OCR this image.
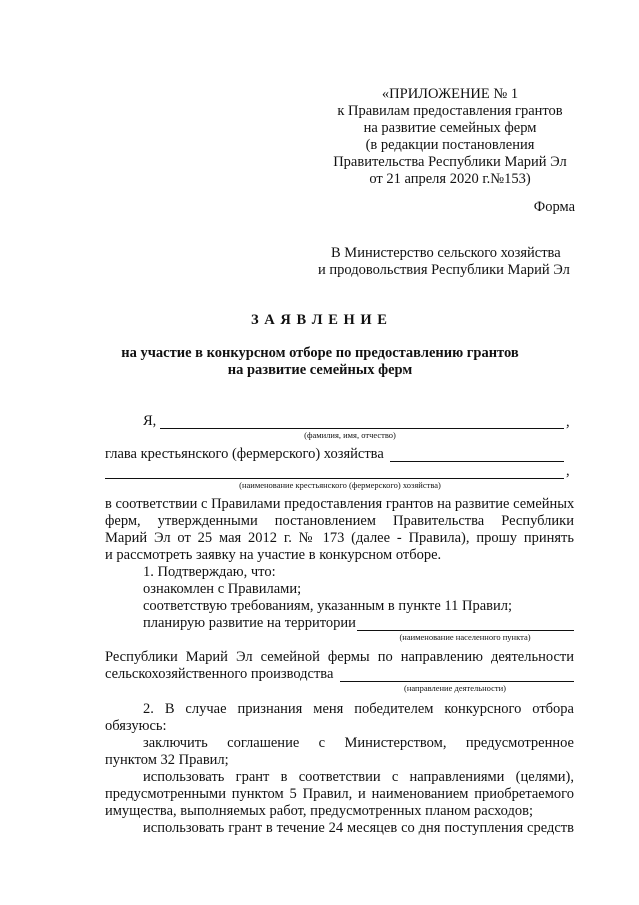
«ПРИЛОЖЕНИЕ № 1
к Правилам предоставления грантов
на развитие семейных ферм
(в редакции постановления
Правительства Республики Марий Эл
от 21 апреля 2020 г.№153)
Форма
В Министерство сельского хозяйства
и продовольствия Республики Марий Эл
З А Я В Л Е Н И Е
на участие в конкурсном отборе по предоставлению грантов
на развитие семейных ферм
Я,	,
(фамилия, имя, отчество)
глава крестьянского (фермерского) хозяйства
,
(наименование крестьянского (фермерского) хозяйства)
в соответствии с Правилами предоставления грантов на развитие семейных
ферм, утвержденными постановлением Правительства Республики
Марий Эл от 25 мая 2012 г. № 173 (далее - Правила), прошу принять
и рассмотреть заявку на участие в конкурсном отборе.
1. Подтверждаю, что:
ознакомлен с Правилами;
соответствую требованиям, указанным в пункте 11 Правил;
планирую развитие на территории
(наименование населенного пункта)
Республики Марий Эл семейной фермы по направлению деятельности
сельскохозяйственного производства
(направление деятельности)
2. В случае признания меня победителем конкурсного отбора
обязуюсь:
заключить соглашение с Министерством, предусмотренное
пунктом 32 Правил;
использовать грант в соответствии с направлениями (целями),
предусмотренными пунктом 5 Правил, и наименованием приобретаемого
имущества, выполняемых работ, предусмотренных планом расходов;
использовать грант в течение 24 месяцев со дня поступления средств
